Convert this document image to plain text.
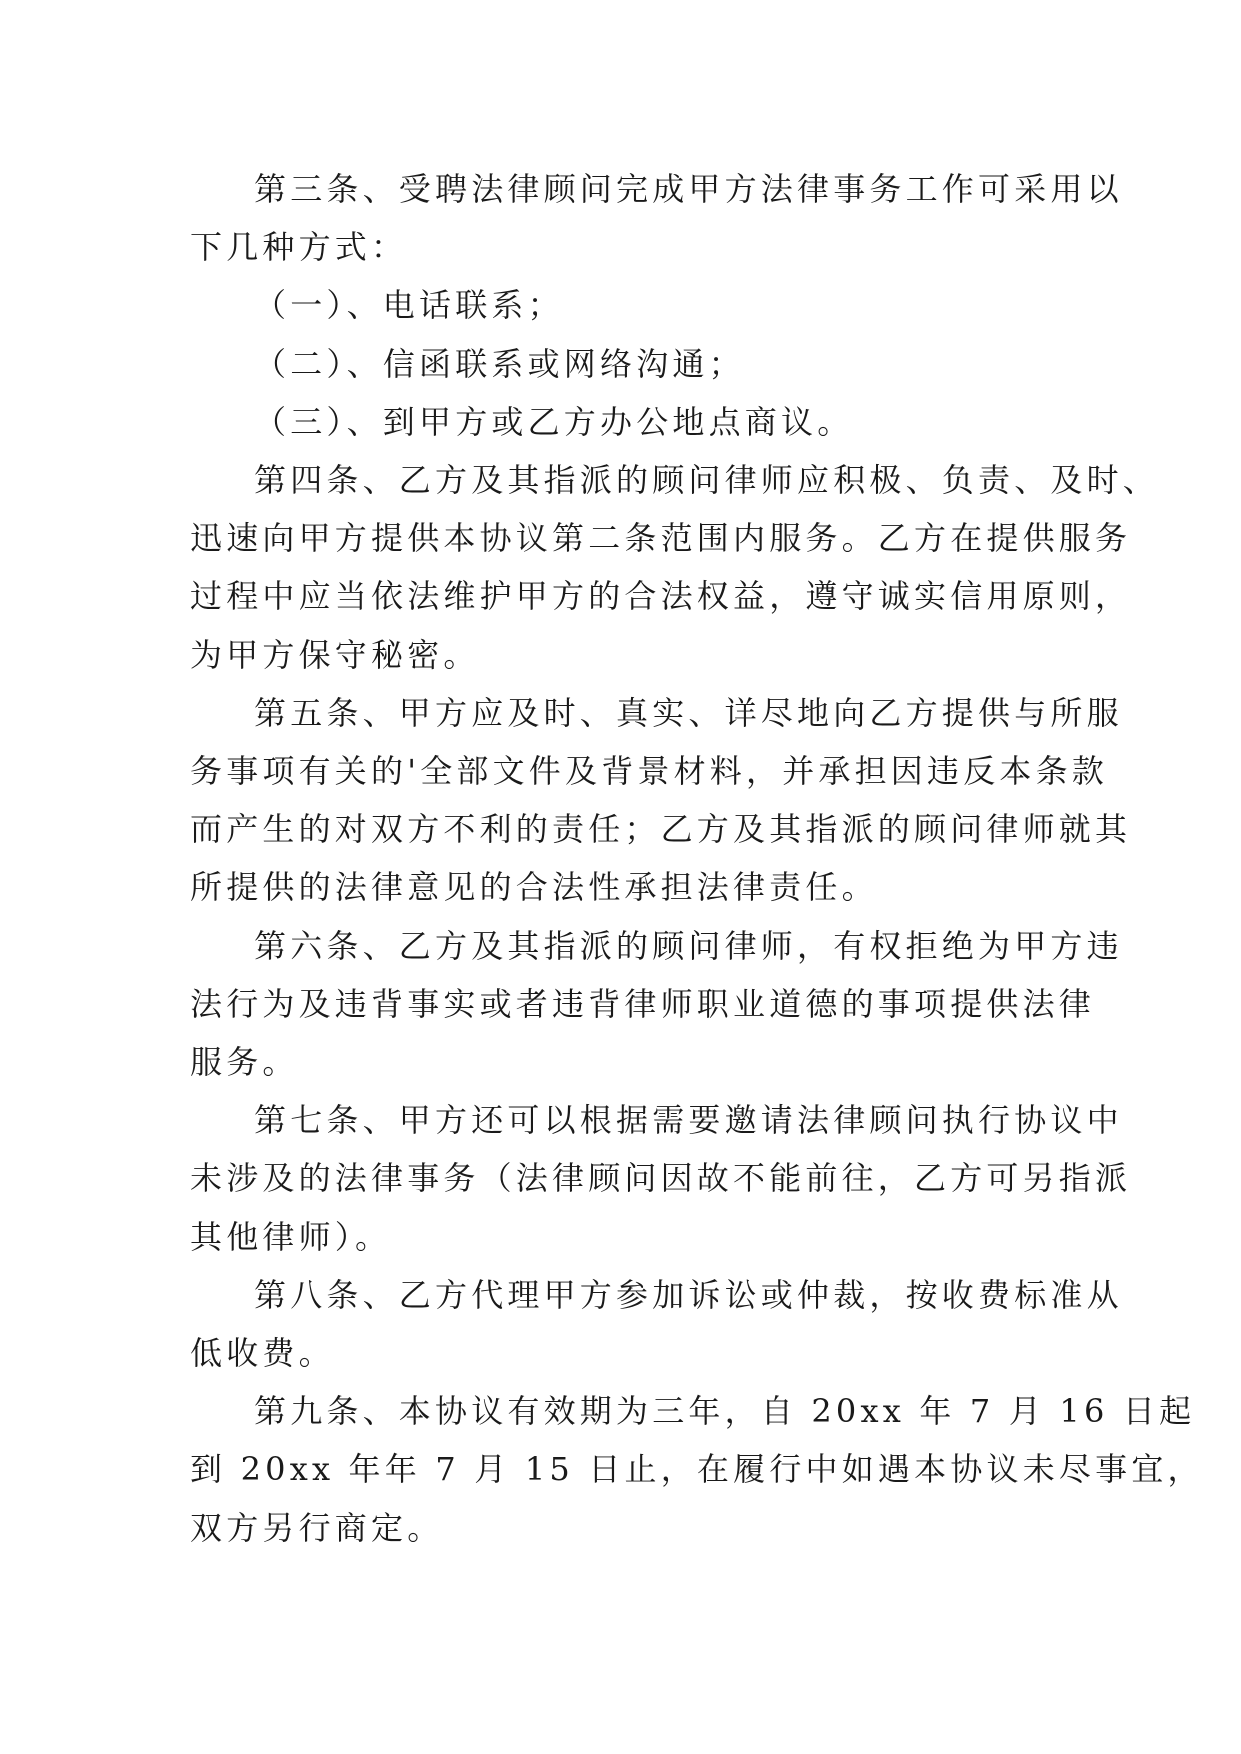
第三条、受聘法律顾问完成甲方法律事务工作可采用以
下几种方式：
（一）、电话联系；
（二）、信函联系或网络沟通；
（三）、到甲方或乙方办公地点商议。
第四条、乙方及其指派的顾问律师应积极、负责、及时、
迅速向甲方提供本协议第二条范围内服务。乙方在提供服务
过程中应当依法维护甲方的合法权益，遵守诚实信用原则，
为甲方保守秘密。
第五条、甲方应及时、真实、详尽地向乙方提供与所服
务事项有关的'全部文件及背景材料，并承担因违反本条款
而产生的对双方不利的责任；乙方及其指派的顾问律师就其
所提供的法律意见的合法性承担法律责任。
第六条、乙方及其指派的顾问律师，有权拒绝为甲方违
法行为及违背事实或者违背律师职业道德的事项提供法律
服务。
第七条、甲方还可以根据需要邀请法律顾问执行协议中
未涉及的法律事务（法律顾问因故不能前往，乙方可另指派
其他律师）。
第八条、乙方代理甲方参加诉讼或仲裁，按收费标准从
低收费。
第九条、本协议有效期为三年，自 20xx 年 7 月 16 日起
到 20xx 年年 7 月 15 日止，在履行中如遇本协议未尽事宜，
双方另行商定。
